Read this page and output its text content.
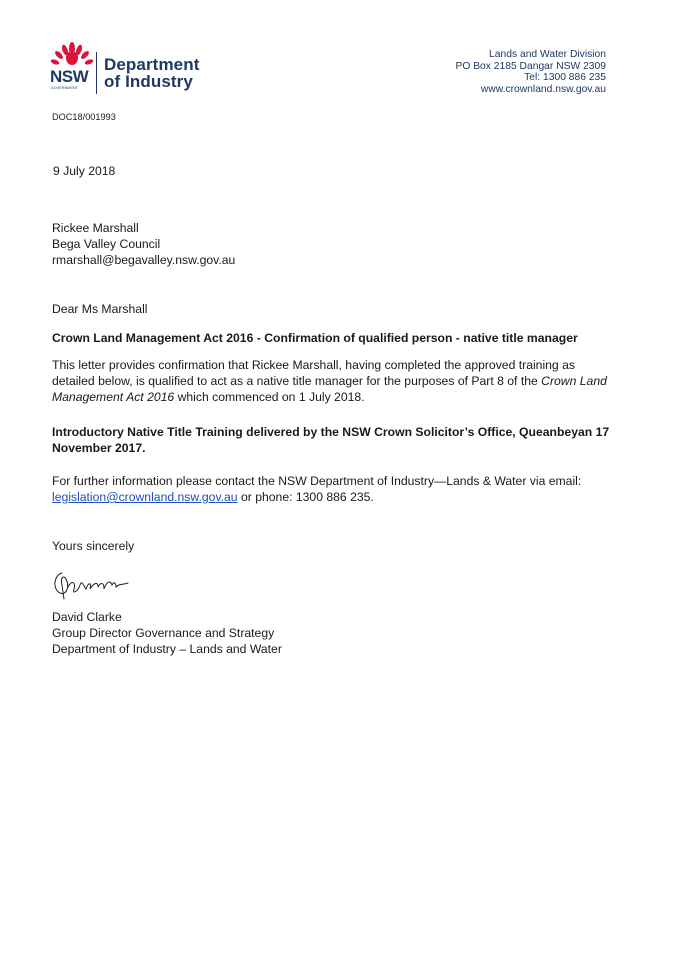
NSW
GOVERNMENT
Department
of Industry
Lands and Water Division
PO Box 2185 Dangar NSW 2309
Tel: 1300 886 235
www.crownland.nsw.gov.au
DOC18/001993
9 July 2018
Rickee Marshall
Bega Valley Council
rmarshall@begavalley.nsw.gov.au
Dear Ms Marshall
Crown Land Management Act 2016 - Confirmation of qualified person - native title manager
This letter provides confirmation that Rickee Marshall, having completed the approved training as detailed below, is qualified to act as a native title manager for the purposes of Part 8 of the Crown Land Management Act 2016 which commenced on 1 July 2018.
Introductory Native Title Training delivered by the NSW Crown Solicitor’s Office, Queanbeyan 17 November 2017.
For further information please contact the NSW Department of Industry—Lands & Water via email: legislation@crownland.nsw.gov.au or phone: 1300 886 235.
Yours sincerely
David Clarke
Group Director Governance and Strategy
Department of Industry – Lands and Water
